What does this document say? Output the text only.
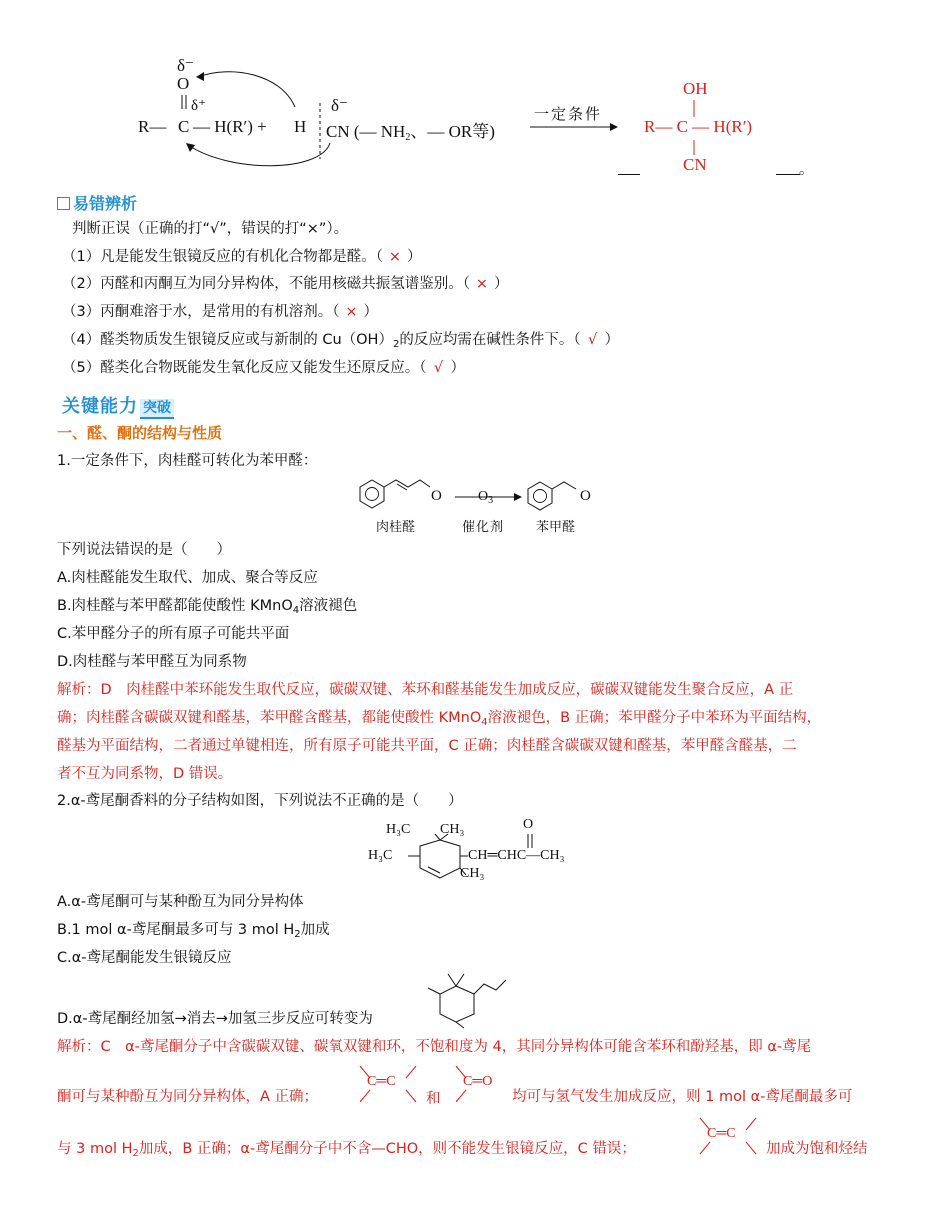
δ⁻
O
δ⁺
R— C — H(R′) + H
δ⁻
CN (— $NH_2$、— OR等)
一定条件
OH
R— C — H(R′)
CN	。
易错辨析
判断正误（正确的打“√”，错误的打“×”）。
（1）凡是能发生银镜反应的有机化合物都是醛。（ × ）
（2）丙醛和丙酮互为同分异构体，不能用核磁共振氢谱鉴别。（ × ）
（3）丙酮难溶于水，是常用的有机溶剂。（ × ）
（4）醛类物质发生银镜反应或与新制的 $Cu(OH)_2$的反应均需在碱性条件下。（ √ ）
（5）醛类化合物既能发生氧化反应又能发生还原反应。（ √ ）
关键能力 突破
一、醛、酮的结构与性质
1.一定条件下，肉桂醛可转化为苯甲醛：
O	O
$O_3$
肉桂醛	催化剂 苯甲醛
下列说法错误的是（　　）
A.肉桂醛能发生取代、加成、聚合等反应
B.肉桂醛与苯甲醛都能使酸性 KMnO$_4$溶液褪色
C.苯甲醛分子的所有原子可能共平面
D.肉桂醛与苯甲醛互为同系物
解析：D　肉桂醛中苯环能发生取代反应，碳碳双键、苯环和醛基能发生加成反应，碳碳双键能发生聚合反应，A 正
确；肉桂醛含碳碳双键和醛基，苯甲醛含醛基，都能使酸性 KMnO$_4$溶液褪色，B 正确；苯甲醛分子中苯环为平面结构，
醛基为平面结构，二者通过单键相连，所有原子可能共平面，C 正确；肉桂醛含碳碳双键和醛基，苯甲醛含醛基，二
者不互为同系物，D 错误。
2.α-鸢尾酮香料的分子结构如图，下列说法不正确的是（　　）
H₃C CH₃	O
H₃C	CH═CHC—CH₃
CH₃
A.α-鸢尾酮可与某种酚互为同分异构体
B.1 mol α-鸢尾酮最多可与 3 mol $H_2$加成
C.α-鸢尾酮能发生银镜反应
D.α-鸢尾酮经加氢→消去→加氢三步反应可转变为
解析：C　α-鸢尾酮分子中含碳碳双键、碳氧双键和环，不饱和度为 4，其同分异构体可能含苯环和酚羟基，即 α-鸢尾
酮可与某种酚互为同分异构体，A 正确；
C═C
和
C═O
均可与氢气发生加成反应，则 1 mol α-鸢尾酮最多可
与 3 mol $H_2$加成，B 正确；α-鸢尾酮分子中不含—CHO，则不能发生银镜反应，C 错误；
C═C
加成为饱和烃结
